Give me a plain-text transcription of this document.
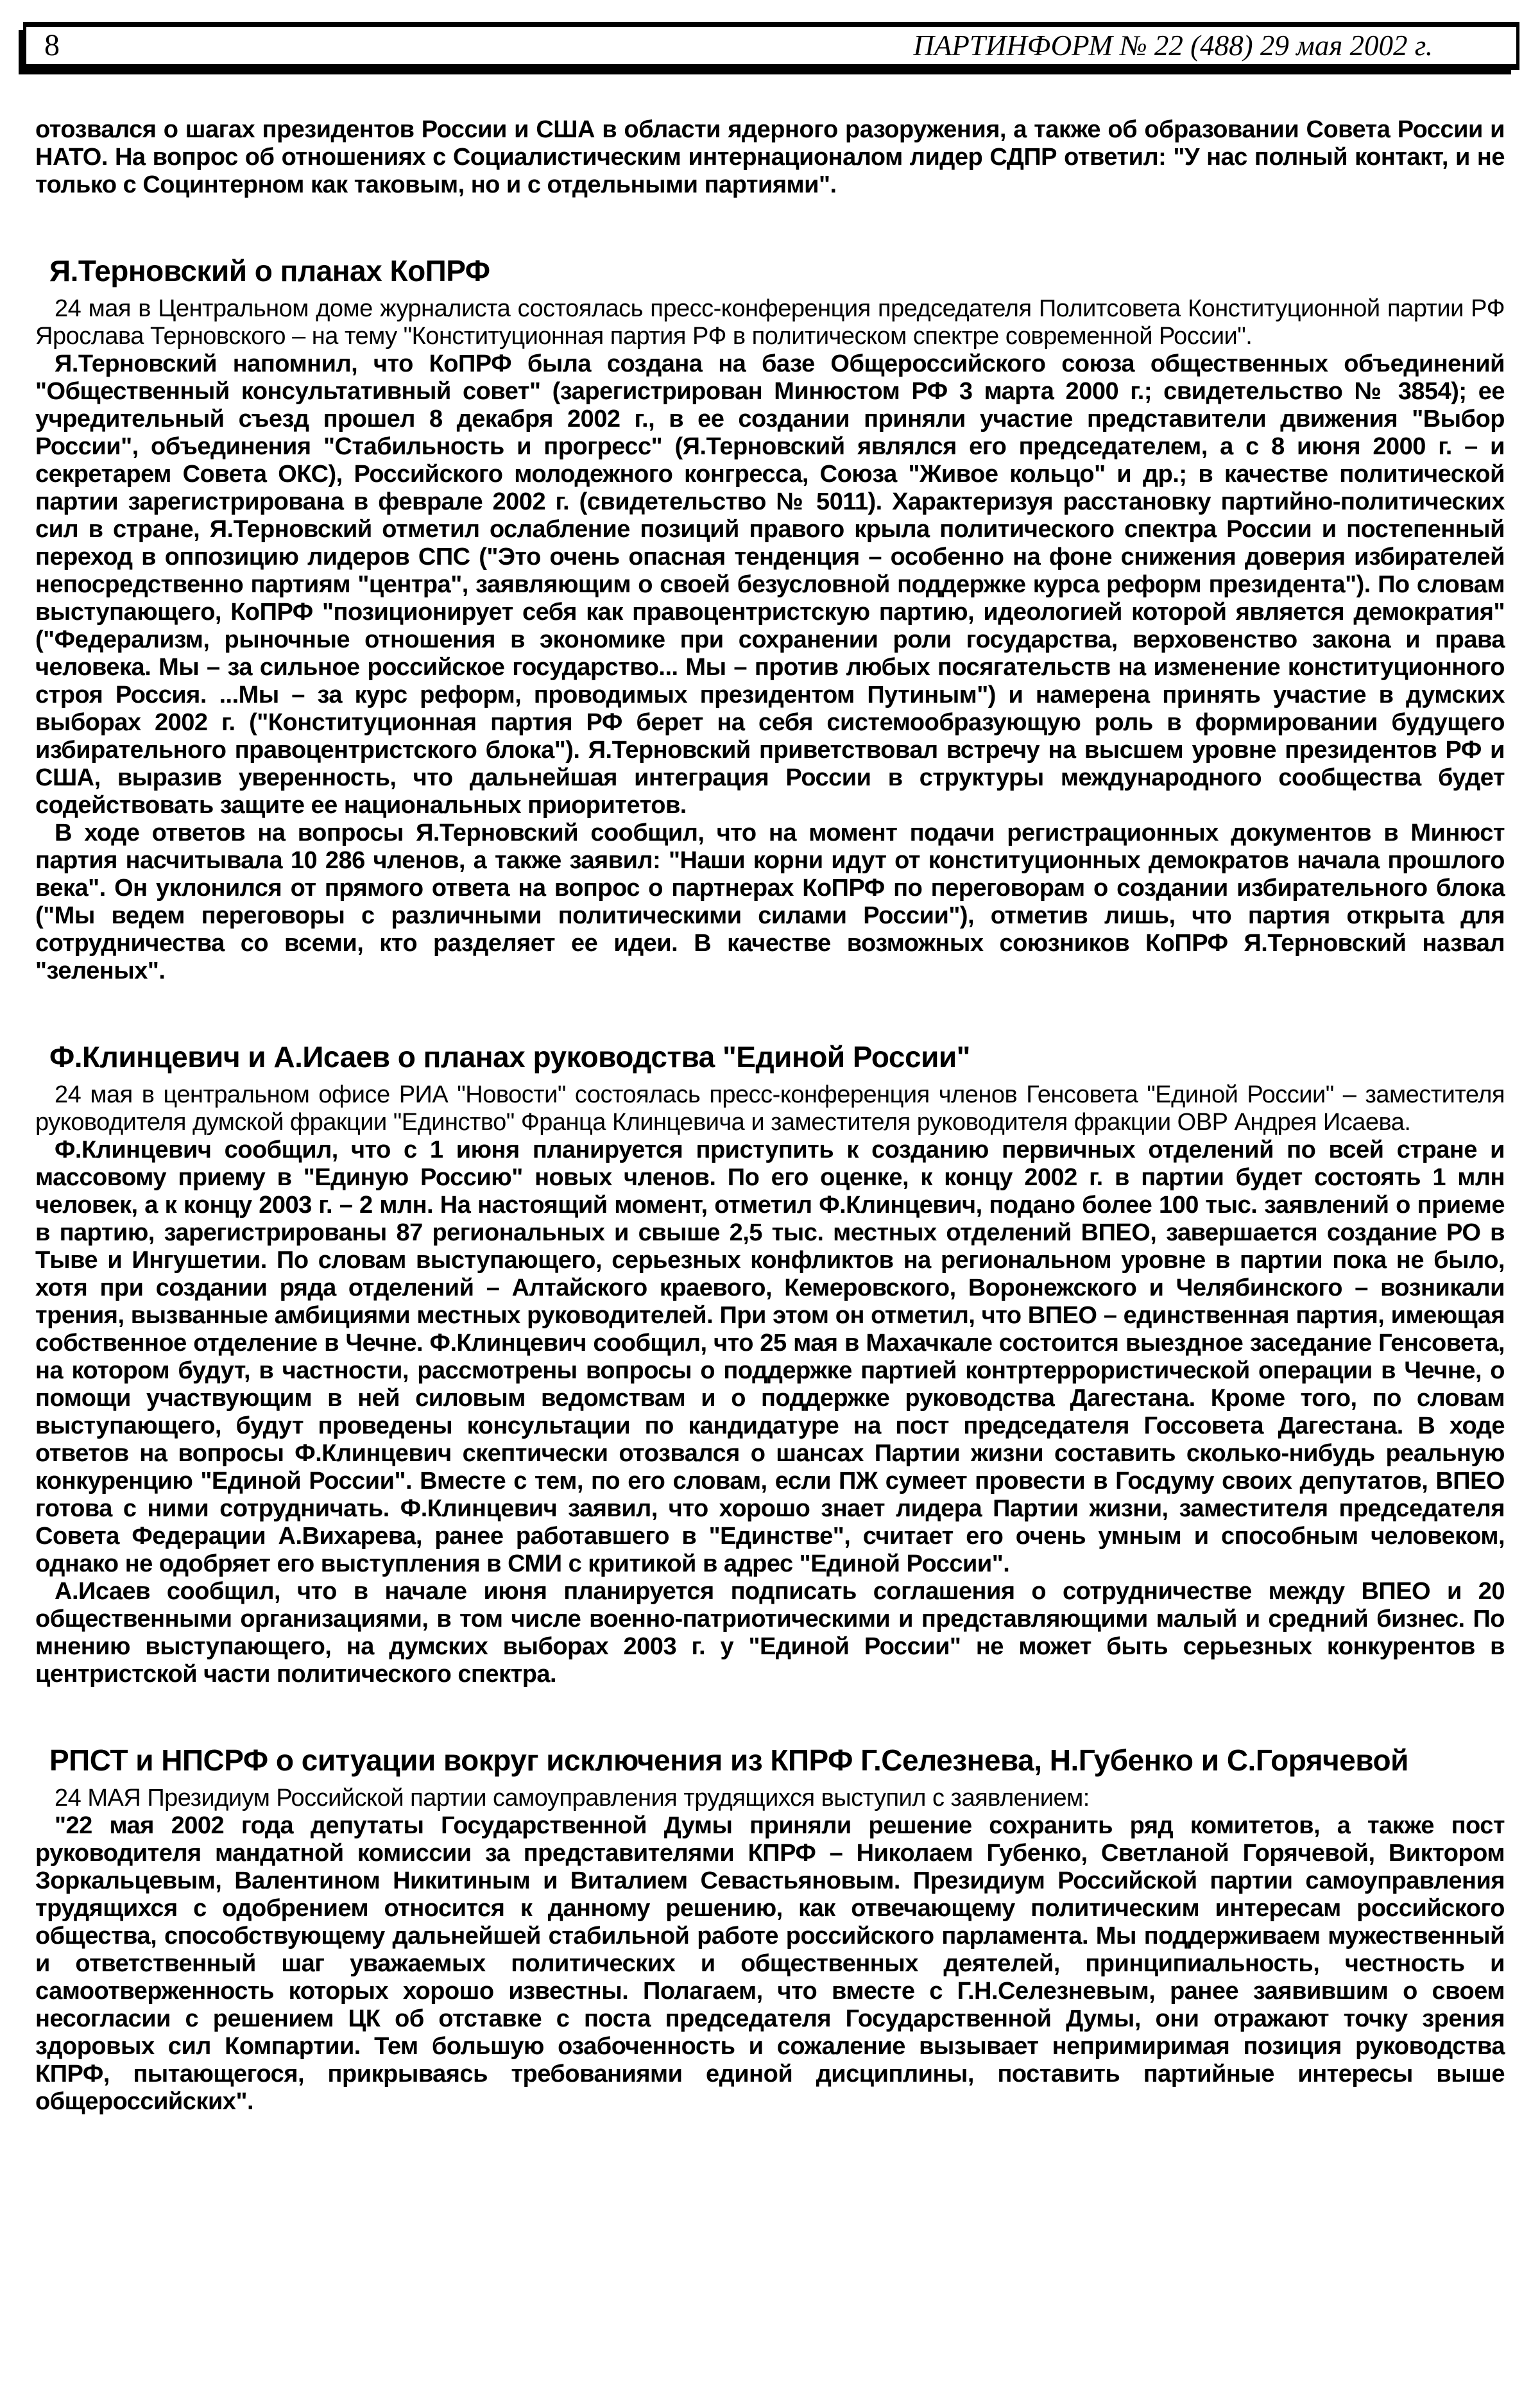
8	ПАРТИНФОРМ № 22 (488) 29 мая 2002 г.

отозвался о шагах президентов России и США в области ядерного разоружения, а также об образовании Совета России и НАТО. На вопрос об отношениях с Социалистическим интернационалом лидер СДПР ответил: "У нас полный контакт, и не только с Социнтерном как таковым, но и с отдельными партиями".

Я.Терновский о планах КоПРФ

24 мая в Центральном доме журналиста состоялась пресс-конференция председателя Политсовета Конституционной партии РФ Ярослава Терновского – на тему "Конституционная партия РФ в политическом спектре современной России".

Я.Терновский напомнил, что КоПРФ была создана на базе Общероссийского союза общественных объединений "Общественный консультативный совет" (зарегистрирован Минюстом РФ 3 марта 2000 г.; свидетельство № 3854); ее учредительный съезд прошел 8 декабря 2002 г., в ее создании приняли участие представители движения "Выбор России", объединения "Стабильность и прогресс" (Я.Терновский являлся его председателем, а с 8 июня 2000 г. – и секретарем Совета ОКС), Российского молодежного конгресса, Союза "Живое кольцо" и др.; в качестве политической партии зарегистрирована в феврале 2002 г. (свидетельство № 5011). Характеризуя расстановку партийно-политических сил в стране, Я.Терновский отметил ослабление позиций правого крыла политического спектра России и постепенный переход в оппозицию лидеров СПС ("Это очень опасная тенденция – особенно на фоне снижения доверия избирателей непосредственно партиям "центра", заявляющим о своей безусловной поддержке курса реформ президента"). По словам выступающего, КоПРФ "позиционирует себя как правоцентристскую партию, идеологией которой является демократия" ("Федерализм, рыночные отношения в экономике при сохранении роли государства, верховенство закона и права человека. Мы – за сильное российское государство... Мы – против любых посягательств на изменение конституционного строя Россия. ...Мы – за курс реформ, проводимых президентом Путиным") и намерена принять участие в думских выборах 2002 г. ("Конституционная партия РФ берет на себя системообразующую роль в формировании будущего избирательного правоцентристского блока"). Я.Терновский приветствовал встречу на высшем уровне президентов РФ и США, выразив уверенность, что дальнейшая интеграция России в структуры международного сообщества будет содействовать защите ее национальных приоритетов.

В ходе ответов на вопросы Я.Терновский сообщил, что на момент подачи регистрационных документов в Минюст партия насчитывала 10 286 членов, а также заявил: "Наши корни идут от конституционных демократов начала прошлого века". Он уклонился от прямого ответа на вопрос о партнерах КоПРФ по переговорам о создании избирательного блока ("Мы ведем переговоры с различными политическими силами России"), отметив лишь, что партия открыта для сотрудничества со всеми, кто разделяет ее идеи. В качестве возможных союзников КоПРФ Я.Терновский назвал "зеленых".

Ф.Клинцевич и А.Исаев о планах руководства "Единой России"

24 мая в центральном офисе РИА "Новости" состоялась пресс-конференция членов Генсовета "Единой России" – заместителя руководителя думской фракции "Единство" Франца Клинцевича и заместителя руководителя фракции ОВР Андрея Исаева.

Ф.Клинцевич сообщил, что с 1 июня планируется приступить к созданию первичных отделений по всей стране и массовому приему в "Единую Россию" новых членов. По его оценке, к концу 2002 г. в партии будет состоять 1 млн человек, а к концу 2003 г. – 2 млн. На настоящий момент, отметил Ф.Клинцевич, подано более 100 тыс. заявлений о приеме в партию, зарегистрированы 87 региональных и свыше 2,5 тыс. местных отделений ВПЕО, завершается создание РО в Тыве и Ингушетии. По словам выступающего, серьезных конфликтов на региональном уровне в партии пока не было, хотя при создании ряда отделений – Алтайского краевого, Кемеровского, Воронежского и Челябинского – возникали трения, вызванные амбициями местных руководителей. При этом он отметил, что ВПЕО – единственная партия, имеющая собственное отделение в Чечне. Ф.Клинцевич сообщил, что 25 мая в Махачкале состоится выездное заседание Генсовета, на котором будут, в частности, рассмотрены вопросы о поддержке партией контртеррористической операции в Чечне, о помощи участвующим в ней силовым ведомствам и о поддержке руководства Дагестана. Кроме того, по словам выступающего, будут проведены консультации по кандидатуре на пост председателя Госсовета Дагестана. В ходе ответов на вопросы Ф.Клинцевич скептически отозвался о шансах Партии жизни составить сколько-нибудь реальную конкуренцию "Единой России". Вместе с тем, по его словам, если ПЖ сумеет провести в Госдуму своих депутатов, ВПЕО готова с ними сотрудничать. Ф.Клинцевич заявил, что хорошо знает лидера Партии жизни, заместителя председателя Совета Федерации А.Вихарева, ранее работавшего в "Единстве", считает его очень умным и способным человеком, однако не одобряет его выступления в СМИ с критикой в адрес "Единой России".

А.Исаев сообщил, что в начале июня планируется подписать соглашения о сотрудничестве между ВПЕО и 20 общественными организациями, в том числе военно-патриотическими и представляющими малый и средний бизнес. По мнению выступающего, на думских выборах 2003 г. у "Единой России" не может быть серьезных конкурентов в центристской части политического спектра.

РПСТ и НПСРФ о ситуации вокруг исключения из КПРФ Г.Селезнева, Н.Губенко и С.Горячевой

24 МАЯ Президиум Российской партии самоуправления трудящихся выступил с заявлением:

"22 мая 2002 года депутаты Государственной Думы приняли решение сохранить ряд комитетов, а также пост руководителя мандатной комиссии за представителями КПРФ – Николаем Губенко, Светланой Горячевой, Виктором Зоркальцевым, Валентином Никитиным и Виталием Севастьяновым. Президиум Российской партии самоуправления трудящихся с одобрением относится к данному решению, как отвечающему политическим интересам российского общества, способствующему дальнейшей стабильной работе российского парламента. Мы поддерживаем мужественный и ответственный шаг уважаемых политических и общественных деятелей, принципиальность, честность и самоотверженность которых хорошо известны. Полагаем, что вместе с Г.Н.Селезневым, ранее заявившим о своем несогласии с решением ЦК об отставке с поста председателя Государственной Думы, они отражают точку зрения здоровых сил Компартии. Тем большую озабоченность и сожаление вызывает непримиримая позиция руководства КПРФ, пытающегося, прикрываясь требованиями единой дисциплины, поставить партийные интересы выше общероссийских".
